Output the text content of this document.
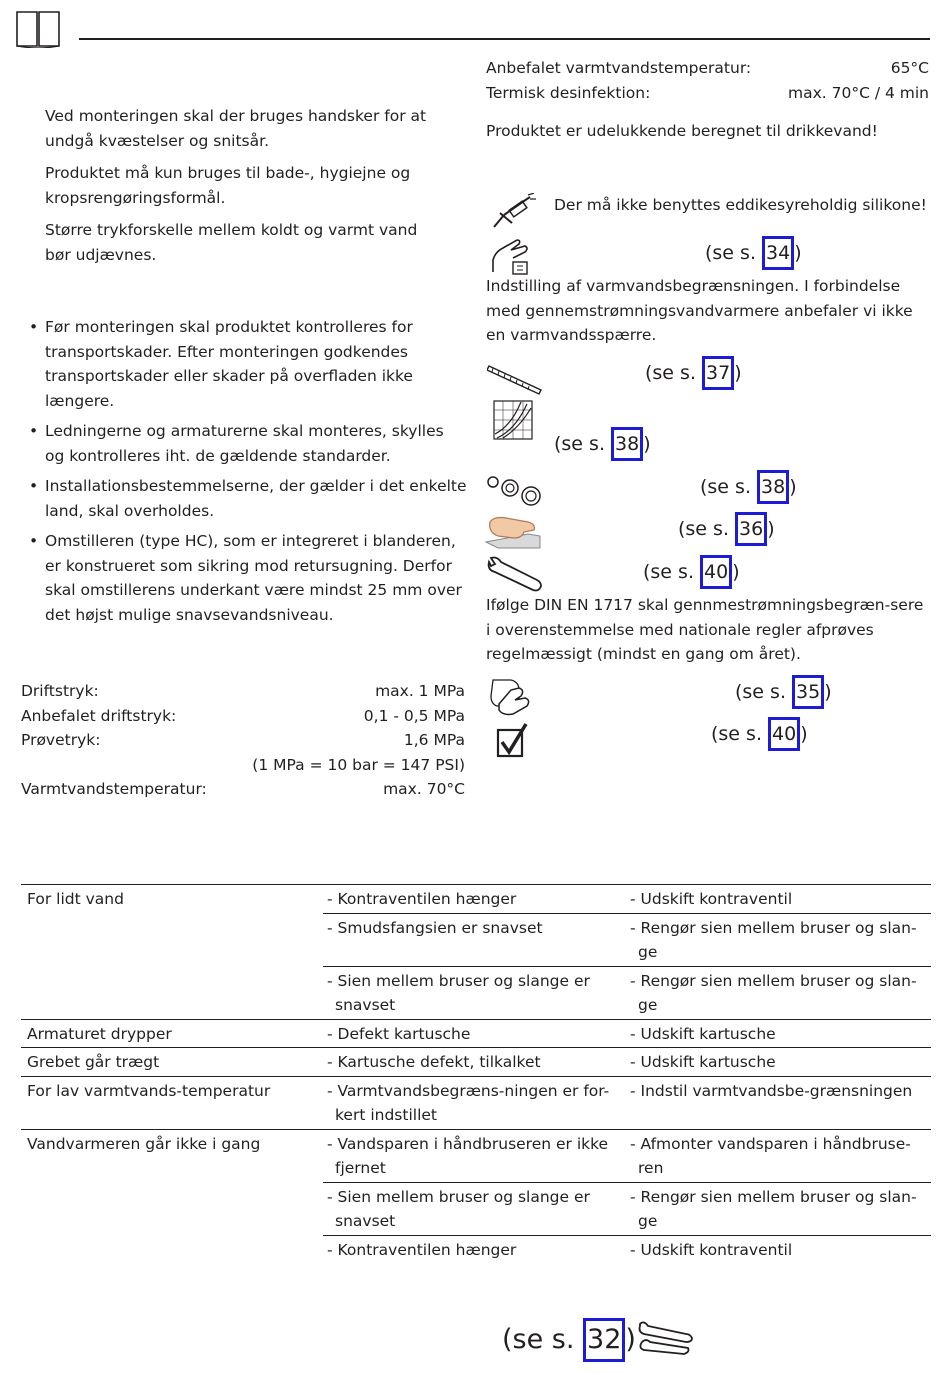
Ved monteringen skal der bruges handsker for at undgå kvæstelser og snitsår.

Produktet må kun bruges til bade-, hygiejne og kropsrengøringsformål.

Større trykforskelle mellem koldt og varmt vand bør udjævnes.

• Før monteringen skal produktet kontrolleres for transportskader. Efter monteringen godkendes transportskader eller skader på overfladen ikke længere.

• Ledningerne og armaturerne skal monteres, skylles og kontrolleres iht. de gældende standarder.

• Installationsbestemmelserne, der gælder i det enkelte land, skal overholdes.

• Omstilleren (type HC), som er integreret i blanderen, er konstrueret som sikring mod retursugning. Derfor skal omstillerens underkant være mindst 25 mm over det højst mulige snavsevandsniveau.

Driftstryk:	max. 1 MPa
Anbefalet driftstryk:	0,1 - 0,5 MPa
Prøvetryk:	1,6 MPa
(1 MPa = 10 bar = 147 PSI)
Varmtvandstemperatur:	max. 70°C
Anbefalet varmtvandstemperatur:	65°C
Termisk desinfektion:	max. 70°C / 4 min

Produktet er udelukkende beregnet til drikkevand!

Der må ikke benyttes eddikesyreholdig silikone!

(se s. 34 )

Indstilling af varmvandsbegrænsningen. I forbindelse med gennemstrømningsvandvarmere anbefaler vi ikke en varmvandsspærre.

(se s. 37 )
(se s. 38 )
(se s. 38 )
(se s. 36 )
(se s. 40 )

Ifølge DIN EN 1717 skal gennmestrømningsbegræn-sere i overenstemmelse med nationale regler afprøves regelmæssigt (mindst en gang om året).

(se s. 35 )
(se s. 40 )
For lidt vand	- Kontraventilen hænger	- Udskift kontraventil
	- Smudsfangsien er snavset	- Rengør sien mellem bruser og slan-ge
	- Sien mellem bruser og slange er snavset	- Rengør sien mellem bruser og slan-ge
Armaturet drypper	- Defekt kartusche	- Udskift kartusche
Grebet går trægt	- Kartusche defekt, tilkalket	- Udskift kartusche
For lav varmtvands-temperatur	- Varmtvandsbegræns-ningen er for-kert indstillet	- Indstil varmtvandsbe-grænsningen
Vandvarmeren går ikke i gang	- Vandsparen i håndbruseren er ikke fjernet	- Afmonter vandsparen i håndbruse-ren
	- Sien mellem bruser og slange er snavset	- Rengør sien mellem bruser og slan-ge
	- Kontraventilen hænger	- Udskift kontraventil
(se s. 32 )
